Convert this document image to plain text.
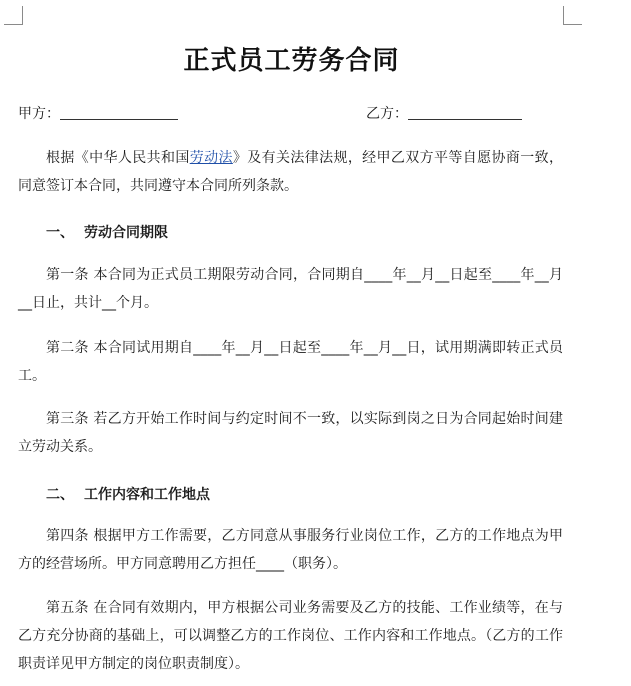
正式员工劳务合同
甲方：	乙方：

根据《中华人民共和国劳动法》及有关法律法规，经甲乙双方平等自愿协商一致，同意签订本合同，共同遵守本合同所列条款。

一、 劳动合同期限

第一条 本合同为正式员工期限劳动合同，合同期自____年__月__日起至____年__月__日止，共计__个月。

第二条 本合同试用期自____年__月__日起至____年__月__日，试用期满即转正式员工。

第三条 若乙方开始工作时间与约定时间不一致，以实际到岗之日为合同起始时间建立劳动关系。

二、 工作内容和工作地点

第四条 根据甲方工作需要，乙方同意从事服务行业岗位工作，乙方的工作地点为甲方的经营场所。甲方同意聘用乙方担任____（职务）。

第五条 在合同有效期内，甲方根据公司业务需要及乙方的技能、工作业绩等，在与乙方充分协商的基础上，可以调整乙方的工作岗位、工作内容和工作地点。（乙方的工作职责详见甲方制定的岗位职责制度）。
